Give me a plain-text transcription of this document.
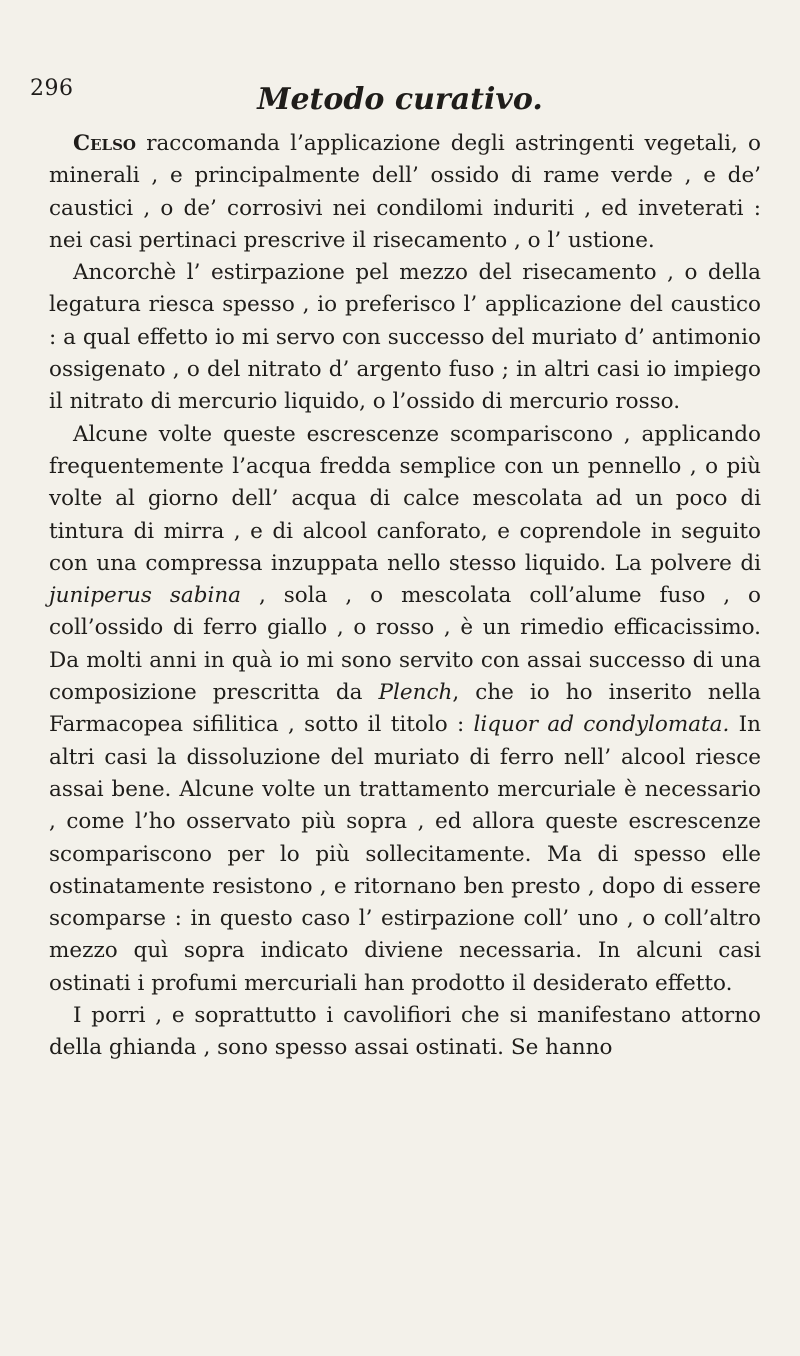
296	Metodo curativo.

Celso raccomanda l’applicazione degli astringenti vegetali, o minerali , e principalmente dell’ ossido di rame verde , e de’ caustici , o de’ corrosivi nei condilomi induriti , ed inveterati : nei casi pertinaci prescrive il risecamento , o l’ ustione.

Ancorchè l’ estirpazione pel mezzo del risecamento , o della legatura riesca spesso , io preferisco l’ applicazione del caustico : a qual effetto io mi servo con successo del muriato d’ antimonio ossigenato , o del nitrato d’ argento fuso ; in altri casi io impiego il nitrato di mercurio liquido, o l’ossido di mercurio rosso.

Alcune volte queste escrescenze scompariscono , applicando frequentemente l’acqua fredda semplice con un pennello , o più volte al giorno dell’ acqua di calce mescolata ad un poco di tintura di mirra , e di alcool canforato, e coprendole in seguito con una compressa inzuppata nello stesso liquido. La polvere di juniperus sabina , sola , o mescolata coll’alume fuso , o coll’ossido di ferro giallo , o rosso , è un rimedio efficacissimo. Da molti anni in quà io mi sono servito con assai successo di una composizione prescritta da Plench, che io ho inserito nella Farmacopea sifilitica , sotto il titolo : liquor ad condylomata. In altri casi la dissoluzione del muriato di ferro nell’ alcool riesce assai bene. Alcune volte un trattamento mercuriale è necessario , come l’ho osservato più sopra , ed allora queste escrescenze scompariscono per lo più sollecitamente. Ma di spesso elle ostinatamente resistono , e ritornano ben presto , dopo di essere scomparse : in questo caso l’ estirpazione coll’ uno , o coll’altro mezzo quì sopra indicato diviene necessaria. In alcuni casi ostinati i profumi mercuriali han prodotto il desiderato effetto.

I porri , e soprattutto i cavolifiori che si manifestano attorno della ghianda , sono spesso assai ostinati. Se hanno
